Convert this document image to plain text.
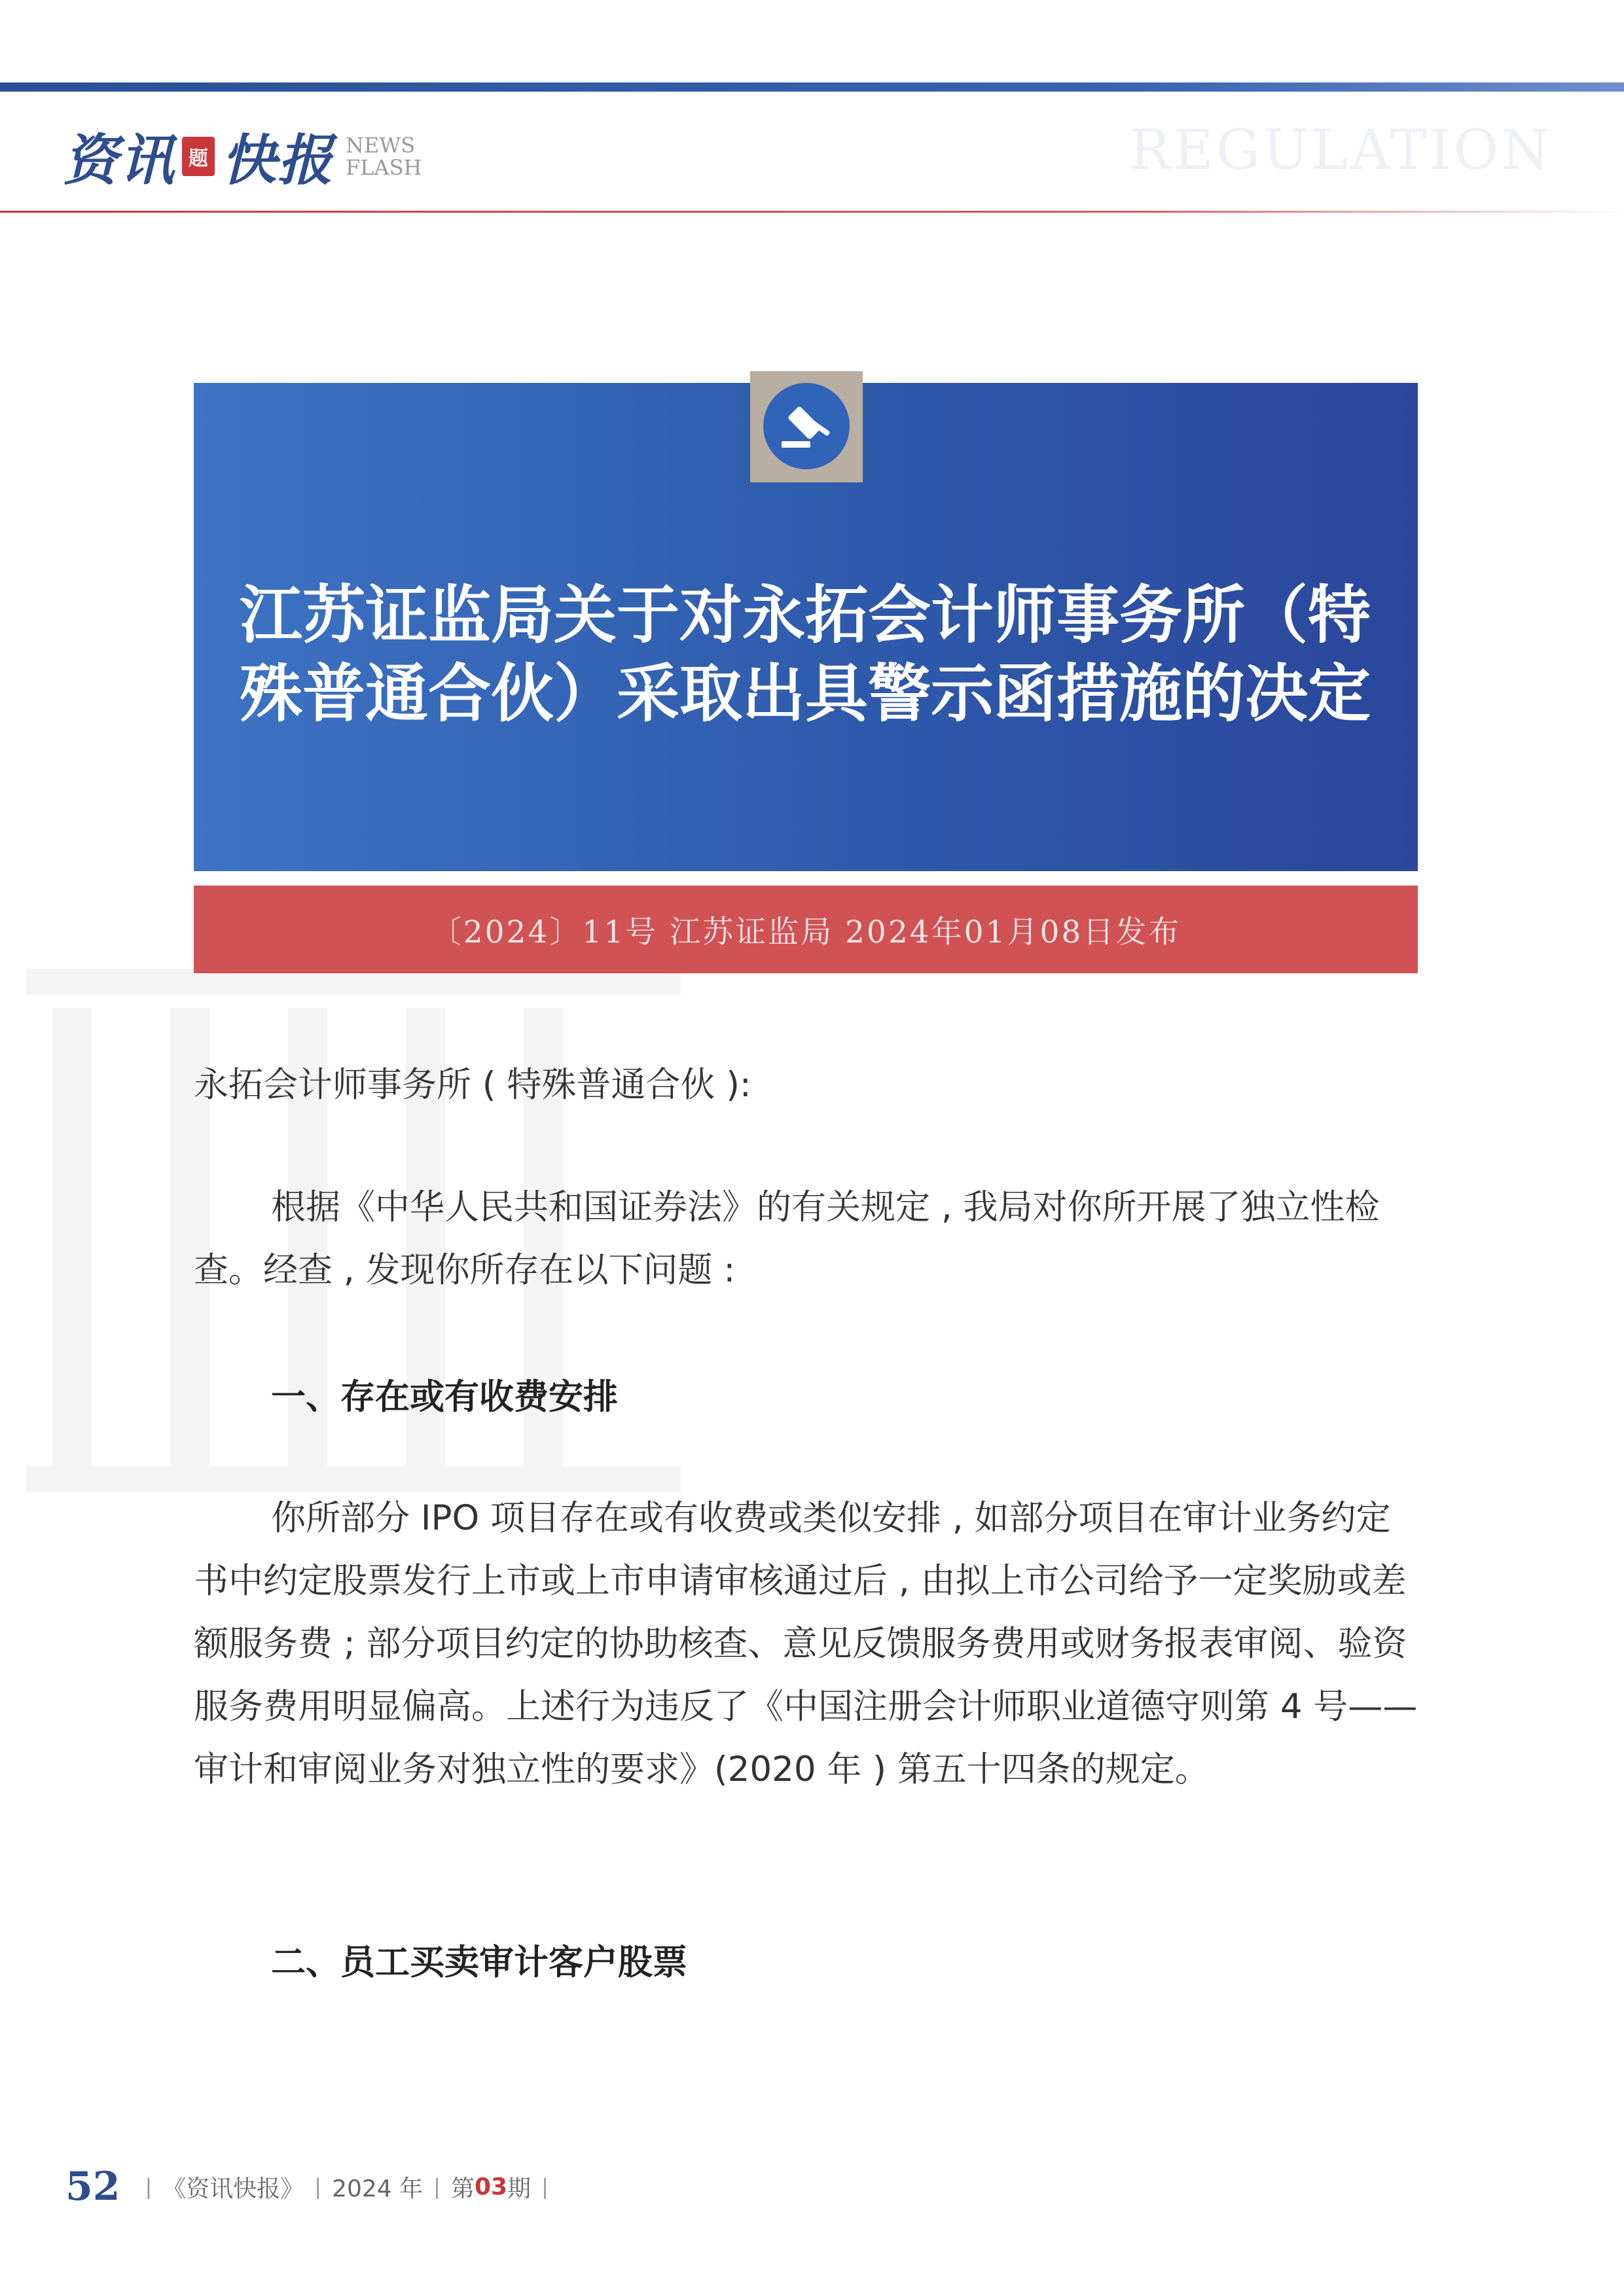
资讯 题 快报 NEWS
FLASH	REGULATION
江苏证监局关于对永拓会计师事务所（特殊普通合伙）采取出具警示函措施的决定
〔2024〕11号 江苏证监局 2024年01月08日发布
永拓会计师事务所 ( 特殊普通合伙 ):
根据《中华人民共和国证券法》的有关规定 , 我局对你所开展了独立性检查。经查 , 发现你所存在以下问题 :
一、存在或有收费安排
你所部分 IPO 项目存在或有收费或类似安排 , 如部分项目在审计业务约定书中约定股票发行上市或上市申请审核通过后 , 由拟上市公司给予一定奖励或差额服务费 ; 部分项目约定的协助核查、意见反馈服务费用或财务报表审阅、验资服务费用明显偏高。上述行为违反了《中国注册会计师职业道德守则第 4 号——审计和审阅业务对独立性的要求》(2020 年 ) 第五十四条的规定。
二、员工买卖审计客户股票
52 | 《资讯快报》 | 2024 年 | 第 03 期 |
